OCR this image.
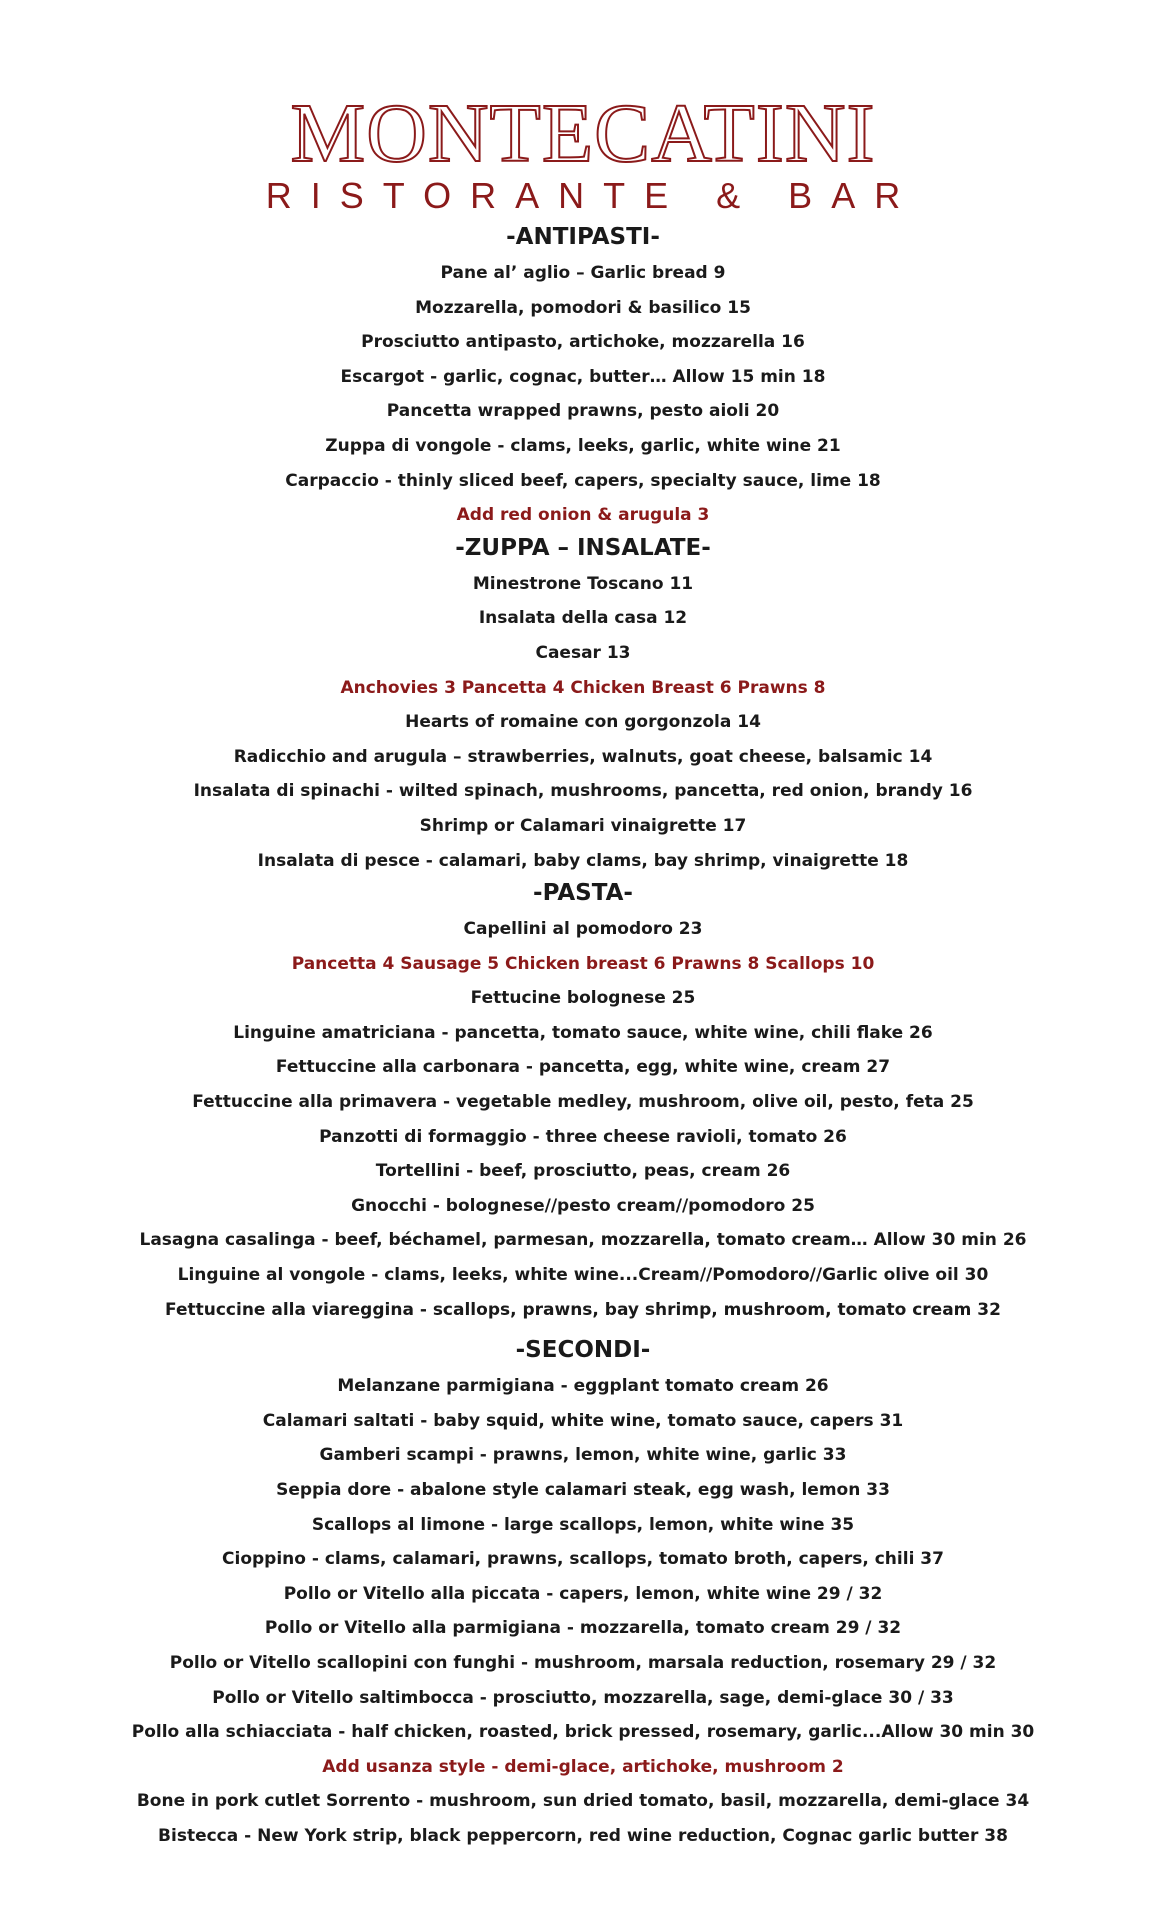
MONTECATINI
RISTORANTE & BAR
-ANTIPASTI-
Pane al’ aglio – Garlic bread 9
Mozzarella, pomodori & basilico 15
Prosciutto antipasto, artichoke, mozzarella 16
Escargot - garlic, cognac, butter… Allow 15 min 18
Pancetta wrapped prawns, pesto aioli 20
Zuppa di vongole - clams, leeks, garlic, white wine 21
Carpaccio - thinly sliced beef, capers, specialty sauce, lime 18
Add red onion & arugula 3
-ZUPPA – INSALATE-
Minestrone Toscano 11
Insalata della casa 12
Caesar 13
Anchovies 3 Pancetta 4 Chicken Breast 6 Prawns 8
Hearts of romaine con gorgonzola 14
Radicchio and arugula – strawberries, walnuts, goat cheese, balsamic 14
Insalata di spinachi - wilted spinach, mushrooms, pancetta, red onion, brandy 16
Shrimp or Calamari vinaigrette 17
Insalata di pesce - calamari, baby clams, bay shrimp, vinaigrette 18
-PASTA-
Capellini al pomodoro 23
Pancetta 4 Sausage 5 Chicken breast 6 Prawns 8 Scallops 10
Fettucine bolognese 25
Linguine amatriciana - pancetta, tomato sauce, white wine, chili flake 26
Fettuccine alla carbonara - pancetta, egg, white wine, cream 27
Fettuccine alla primavera - vegetable medley, mushroom, olive oil, pesto, feta 25
Panzotti di formaggio - three cheese ravioli, tomato 26
Tortellini - beef, prosciutto, peas, cream 26
Gnocchi - bolognese//pesto cream//pomodoro 25
Lasagna casalinga - beef, béchamel, parmesan, mozzarella, tomato cream… Allow 30 min 26
Linguine al vongole - clams, leeks, white wine...Cream//Pomodoro//Garlic olive oil 30
Fettuccine alla viareggina - scallops, prawns, bay shrimp, mushroom, tomato cream 32
-SECONDI-
Melanzane parmigiana - eggplant tomato cream 26
Calamari saltati - baby squid, white wine, tomato sauce, capers 31
Gamberi scampi - prawns, lemon, white wine, garlic 33
Seppia dore - abalone style calamari steak, egg wash, lemon 33
Scallops al limone - large scallops, lemon, white wine 35
Cioppino - clams, calamari, prawns, scallops, tomato broth, capers, chili 37
Pollo or Vitello alla piccata - capers, lemon, white wine 29 / 32
Pollo or Vitello alla parmigiana - mozzarella, tomato cream 29 / 32
Pollo or Vitello scallopini con funghi - mushroom, marsala reduction, rosemary 29 / 32
Pollo or Vitello saltimbocca - prosciutto, mozzarella, sage, demi-glace 30 / 33
Pollo alla schiacciata - half chicken, roasted, brick pressed, rosemary, garlic...Allow 30 min 30
Add usanza style - demi-glace, artichoke, mushroom 2
Bone in pork cutlet Sorrento - mushroom, sun dried tomato, basil, mozzarella, demi-glace 34
Bistecca - New York strip, black peppercorn, red wine reduction, Cognac garlic butter 38
